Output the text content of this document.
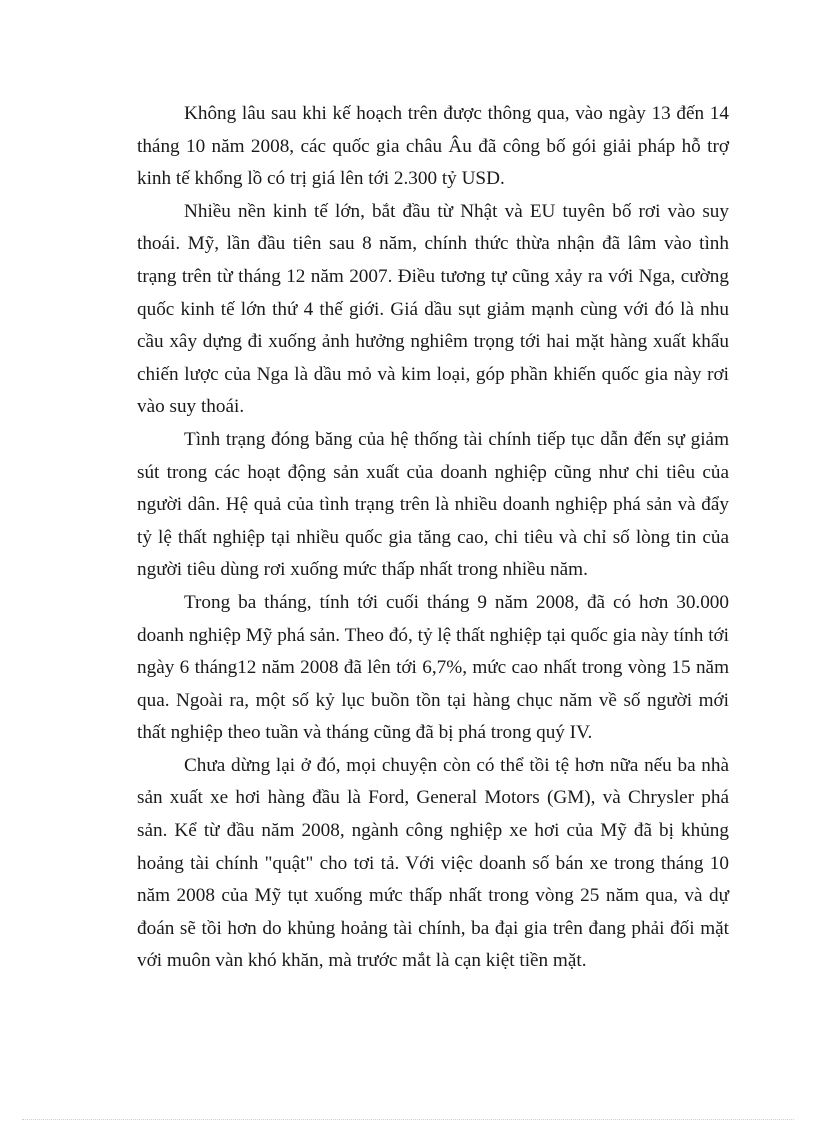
Không lâu sau khi kế hoạch trên được thông qua, vào ngày 13 đến 14 tháng 10 năm 2008, các quốc gia châu Âu đã công bố gói giải pháp hỗ trợ kinh tế khổng lồ có trị giá lên tới 2.300 tỷ USD.

Nhiều nền kinh tế lớn, bắt đầu từ Nhật và EU tuyên bố rơi vào suy thoái. Mỹ, lần đầu tiên sau 8 năm, chính thức thừa nhận đã lâm vào tình trạng trên từ tháng 12 năm 2007. Điều tương tự cũng xảy ra với Nga, cường quốc kinh tế lớn thứ 4 thế giới. Giá dầu sụt giảm mạnh cùng với đó là nhu cầu xây dựng đi xuống ảnh hưởng nghiêm trọng tới hai mặt hàng xuất khẩu chiến lược của Nga là dầu mỏ và kim loại, góp phần khiến quốc gia này rơi vào suy thoái.

Tình trạng đóng băng của hệ thống tài chính tiếp tục dẫn đến sự giảm sút trong các hoạt động sản xuất của doanh nghiệp cũng như chi tiêu của người dân. Hệ quả của tình trạng trên là nhiều doanh nghiệp phá sản và đẩy tỷ lệ thất nghiệp tại nhiều quốc gia tăng cao, chi tiêu và chỉ số lòng tin của người tiêu dùng rơi xuống mức thấp nhất trong nhiều năm.

Trong ba tháng, tính tới cuối tháng 9 năm 2008, đã có hơn 30.000 doanh nghiệp Mỹ phá sản. Theo đó, tỷ lệ thất nghiệp tại quốc gia này tính tới ngày 6 tháng12 năm 2008 đã lên tới 6,7%, mức cao nhất trong vòng 15 năm qua. Ngoài ra, một số kỷ lục buồn tồn tại hàng chục năm về số người mới thất nghiệp theo tuần và tháng cũng đã bị phá trong quý IV.

Chưa dừng lại ở đó, mọi chuyện còn có thể tồi tệ hơn nữa nếu ba nhà sản xuất xe hơi hàng đầu là Ford, General Motors (GM), và Chrysler phá sản. Kể từ đầu năm 2008, ngành công nghiệp xe hơi của Mỹ đã bị khủng hoảng tài chính "quật" cho tơi tả. Với việc doanh số bán xe trong tháng 10 năm 2008 của Mỹ tụt xuống mức thấp nhất trong vòng 25 năm qua, và dự đoán sẽ tồi hơn do khủng hoảng tài chính, ba đại gia trên đang phải đối mặt với muôn vàn khó khăn, mà trước mắt là cạn kiệt tiền mặt.
